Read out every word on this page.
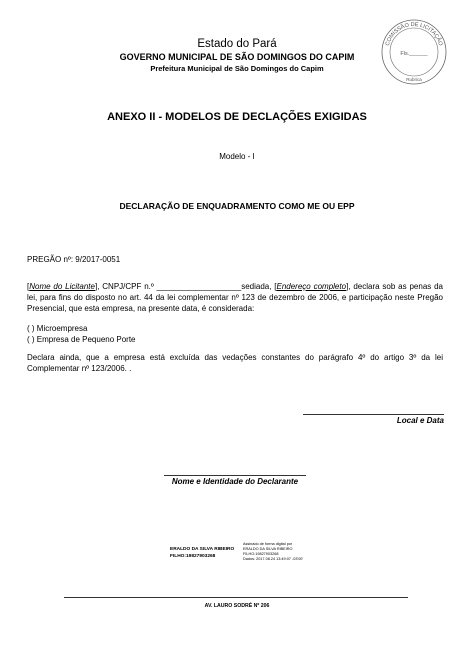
Estado do Pará
GOVERNO MUNICIPAL DE SÃO DOMINGOS DO CAPIM
Prefeitura Municipal de São Domingos do Capim
COMISSÃO DE LICITAÇÃO
Fls.______
Rubrica
ANEXO II - MODELOS DE DECLAÇÕES EXIGIDAS
Modelo - I
DECLARAÇÃO DE ENQUADRAMENTO COMO ME OU EPP
PREGÃO nº: 9/2017-0051
[Nome do Licitante], CNPJ/CPF n.º ___________________sediada, [Endereço completo], declara sob as penas da lei, para fins do disposto no art. 44 da lei complementar nº 123 de dezembro de 2006, e participação neste Pregão Presencial, que esta empresa, na presente data, é considerada:
( ) Microempresa
( ) Empresa de Pequeno Porte
Declara ainda, que a empresa está excluída das vedações constantes do parágrafo 4º do artigo 3º da lei Complementar nº 123/2006. .
Local e Data
Nome e Identidade do Declarante
ERALDO DA SILVA RIBEIRO
FILHO:19827903268
Assinado de forma digital por
ERALDO DA SILVA RIBEIRO
FILHO:19827903268
Dados: 2017.08.24 13:49:07 -03'00'
AV. LAURO SODRÉ Nº 206
